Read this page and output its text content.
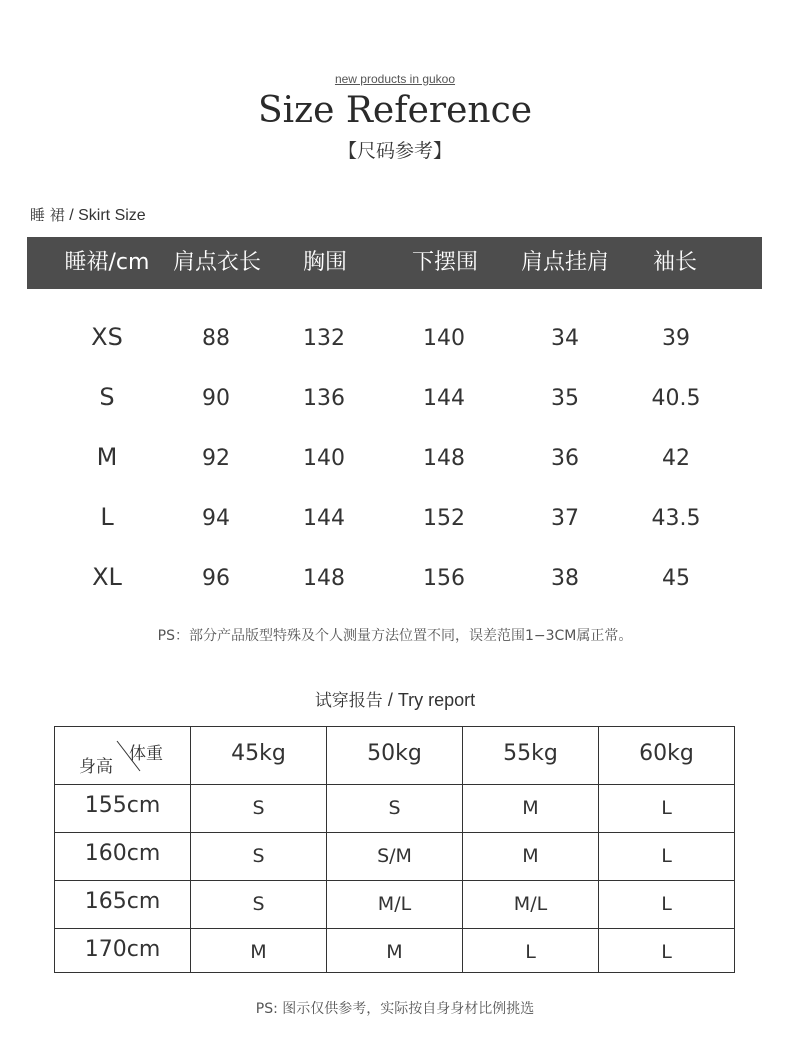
new products in gukoo
Size Reference
【尺码参考】
睡 裙 / Skirt Size
睡裙/cm	肩点衣长	胸围	下摆围	肩点挂肩	袖长
XS	88	132	140	34	39
S	90	136	144	35	40.5
M	92	140	148	36	42
L	94	144	152	37	43.5
XL	96	148	156	38	45
PS：部分产品版型特殊及个人测量方法位置不同，误差范围1−3CM属正常。
试穿报告 / Try report
身高
体重	45kg	50kg	55kg	60kg
155cm	S	S	M	L
160cm	S	S/M	M	L
165cm	S	M/L	M/L	L
170cm	M	M	L	L
PS: 图示仅供参考，实际按自身身材比例挑选
